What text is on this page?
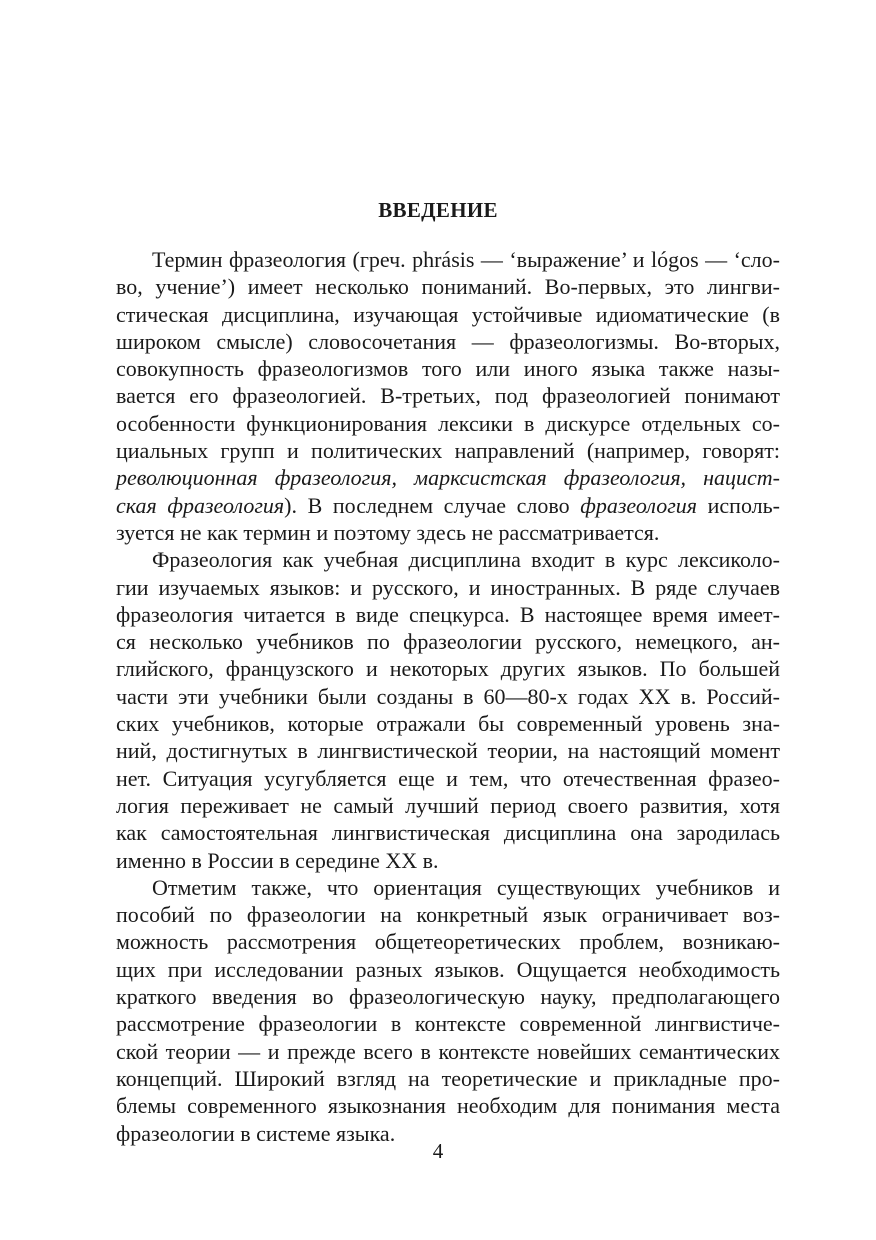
ВВЕДЕНИЕ
Термин фразеология (греч. phrásis — ‘выражение’ и lógos — ‘сло-
во, учение’) имеет несколько пониманий. Во-первых, это лингви-
стическая дисциплина, изучающая устойчивые идиоматические (в
широком смысле) словосочетания — фразеологизмы. Во-вторых,
совокупность фразеологизмов того или иного языка также назы-
вается его фразеологией. В-третьих, под фразеологией понимают
особенности функционирования лексики в дискурсе отдельных со-
циальных групп и политических направлений (например, говорят:
революционная фразеология, марксистская фразеология, нацист-
ская фразеология). В последнем случае слово фразеология исполь-
зуется не как термин и поэтому здесь не рассматривается.
Фразеология как учебная дисциплина входит в курс лексиколо-
гии изучаемых языков: и русского, и иностранных. В ряде случаев
фразеология читается в виде спецкурса. В настоящее время имеет-
ся несколько учебников по фразеологии русского, немецкого, ан-
глийского, французского и некоторых других языков. По большей
части эти учебники были созданы в 60—80-х годах XX в. Россий-
ских учебников, которые отражали бы современный уровень зна-
ний, достигнутых в лингвистической теории, на настоящий момент
нет. Ситуация усугубляется еще и тем, что отечественная фразео-
логия переживает не самый лучший период своего развития, хотя
как самостоятельная лингвистическая дисциплина она зародилась
именно в России в середине XX в.
Отметим также, что ориентация существующих учебников и
пособий по фразеологии на конкретный язык ограничивает воз-
можность рассмотрения общетеоретических проблем, возникаю-
щих при исследовании разных языков. Ощущается необходимость
краткого введения во фразеологическую науку, предполагающего
рассмотрение фразеологии в контексте современной лингвистиче-
ской теории — и прежде всего в контексте новейших семантических
концепций. Широкий взгляд на теоретические и прикладные про-
блемы современного языкознания необходим для понимания места
фразеологии в системе языка.
4
